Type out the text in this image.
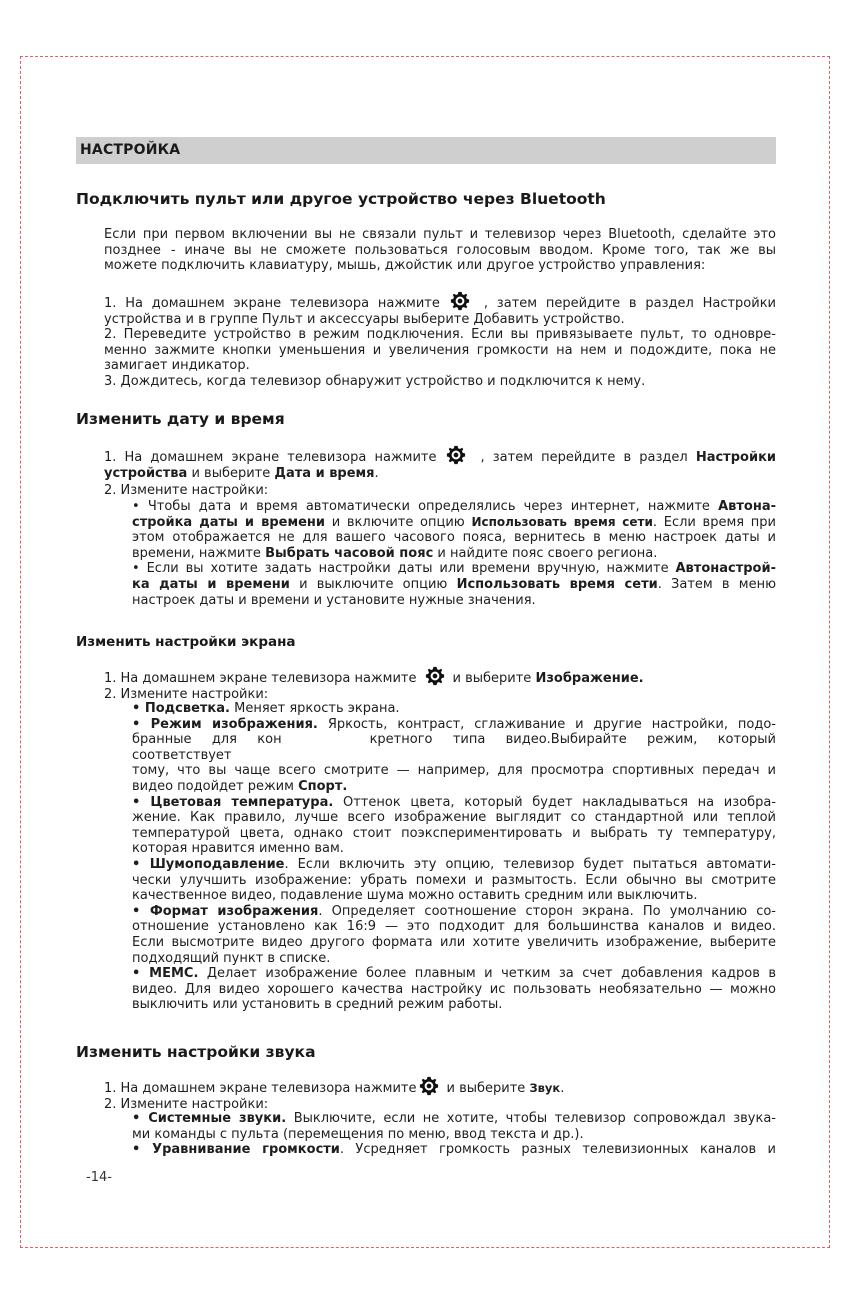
НАСТРОЙКА
Подключить пульт или другое устройство через Bluetooth

Если при первом включении вы не связали пульт и телевизор через Bluetooth, сделайте это

позднее - иначе вы не сможете пользоваться голосовым вводом. Кроме того, так же вы

можете подключить клавиатуру, мышь, джойстик или другое устройство управления:

1. На домашнем экране телевизора нажмите	, затем перейдите в раздел Настройки

устройства и в группе Пульт и аксессуары выберите Добавить устройство.

2. Переведите устройство в режим подключения. Если вы привязываете пульт, то одновре-

менно зажмите кнопки уменьшения и увеличения громкости на нем и подождите, пока не

замигает индикатор.

3. Дождитесь, когда телевизор обнаружит устройство и подключится к нему.

Изменить дату и время

1. На домашнем экране телевизора нажмите	, затем перейдите в раздел Настройки

устройства и выберите Дата и время.

2. Измените настройки:

• Чтобы дата и время автоматически определялись через интернет, нажмите Автона-

стройка даты и времени и включите опцию Использовать время сети. Если время при

этом отображается не для вашего часового пояса, вернитесь в меню настроек даты и

времени, нажмите Выбрать часовой пояс и найдите пояс своего региона.

• Если вы хотите задать настройки даты или времени вручную, нажмите Автонастрой-

ка даты и времени и выключите опцию Использовать время сети. Затем в меню

настроек даты и времени и установите нужные значения.

Изменить настройки экрана

1. На домашнем экране телевизора нажмите	и выберите Изображение.

2. Измените настройки:

• Подсветка. Меняет яркость экрана.

• Режим изображения. Яркость, контраст, сглаживание и другие настройки, подо-

бранные для кон	кретного типа видео.Выбирайте режим, который соответствует

тому, что вы чаще всего смотрите — например, для просмотра спортивных передач и

видео подойдет режим Спорт.

• Цветовая температура. Оттенок цвета, который будет накладываться на изобра-

жение. Как правило, лучше всего изображение выглядит со стандартной или теплой

температурой цвета, однако стоит поэкспериментировать и выбрать ту температуру,

которая нравится именно вам.

• Шумоподавление. Если включить эту опцию, телевизор будет пытаться автомати-

чески улучшить изображение: убрать помехи и размытость. Если обычно вы смотрите

качественное видео, подавление шума можно оставить средним или выключить.

• Формат изображения. Определяет соотношение сторон экрана. По умолчанию со-

отношение установлено как 16:9 — это подходит для большинства каналов и видео.

Если высмотрите видео другого формата или хотите увеличить изображение, выберите

подходящий пункт в списке.

• MEMC. Делает изображение более плавным и четким за счет добавления кадров в

видео. Для видео хорошего качества настройку ис пользовать необязательно — можно

выключить или установить в средний режим работы.

Изменить настройки звука

1. На домашнем экране телевизора нажмите и выберите Звук.

2. Измените настройки:

• Системные звуки. Выключите, если не хотите, чтобы телевизор сопровождал звука-

ми команды с пульта (перемещения по меню, ввод текста и др.).

• Уравнивание громкости. Усредняет громкость разных телевизионных каналов и

-14-
